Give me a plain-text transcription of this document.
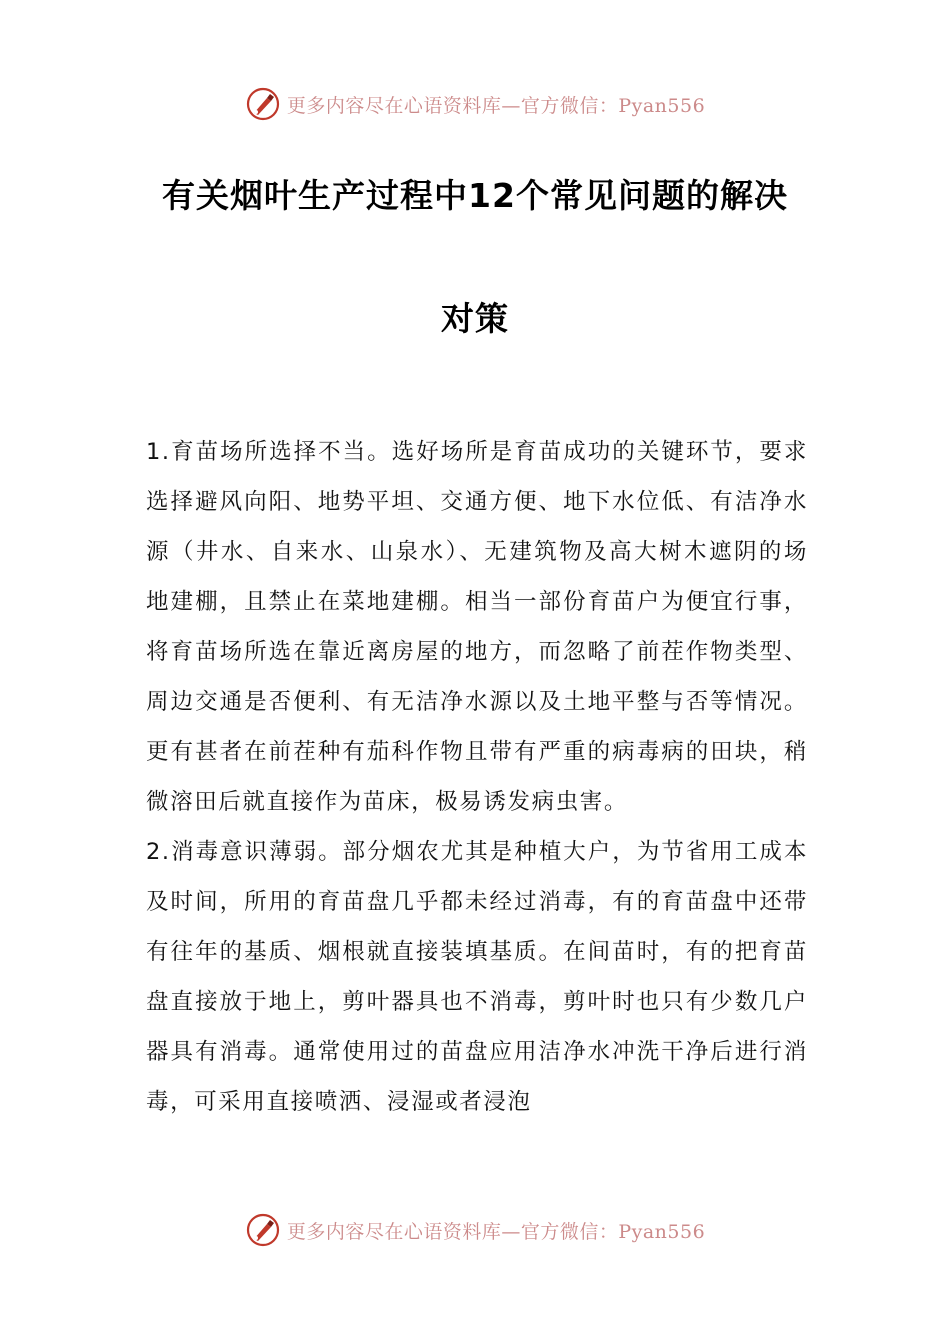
更多内容尽在心语资料库—官方微信：Pyan556
有关烟叶生产过程中12个常见问题的解决
对策

1.育苗场所选择不当。选好场所是育苗成功的关键环节，要求选择避风向阳、地势平坦、交通方便、地下水位低、有洁净水源（井水、自来水、山泉水）、无建筑物及高大树木遮阴的场地建棚，且禁止在菜地建棚。相当一部份育苗户为便宜行事，将育苗场所选在靠近离房屋的地方，而忽略了前茬作物类型、周边交通是否便利、有无洁净水源以及土地平整与否等情况。更有甚者在前茬种有茄科作物且带有严重的病毒病的田块，稍微溶田后就直接作为苗床，极易诱发病虫害。

2.消毒意识薄弱。部分烟农尤其是种植大户，为节省用工成本及时间，所用的育苗盘几乎都未经过消毒，有的育苗盘中还带有往年的基质、烟根就直接装填基质。在间苗时，有的把育苗盘直接放于地上，剪叶器具也不消毒，剪叶时也只有少数几户器具有消毒。通常使用过的苗盘应用洁净水冲洗干净后进行消毒，可采用直接喷洒、浸湿或者浸泡

更多内容尽在心语资料库—官方微信：Pyan556
